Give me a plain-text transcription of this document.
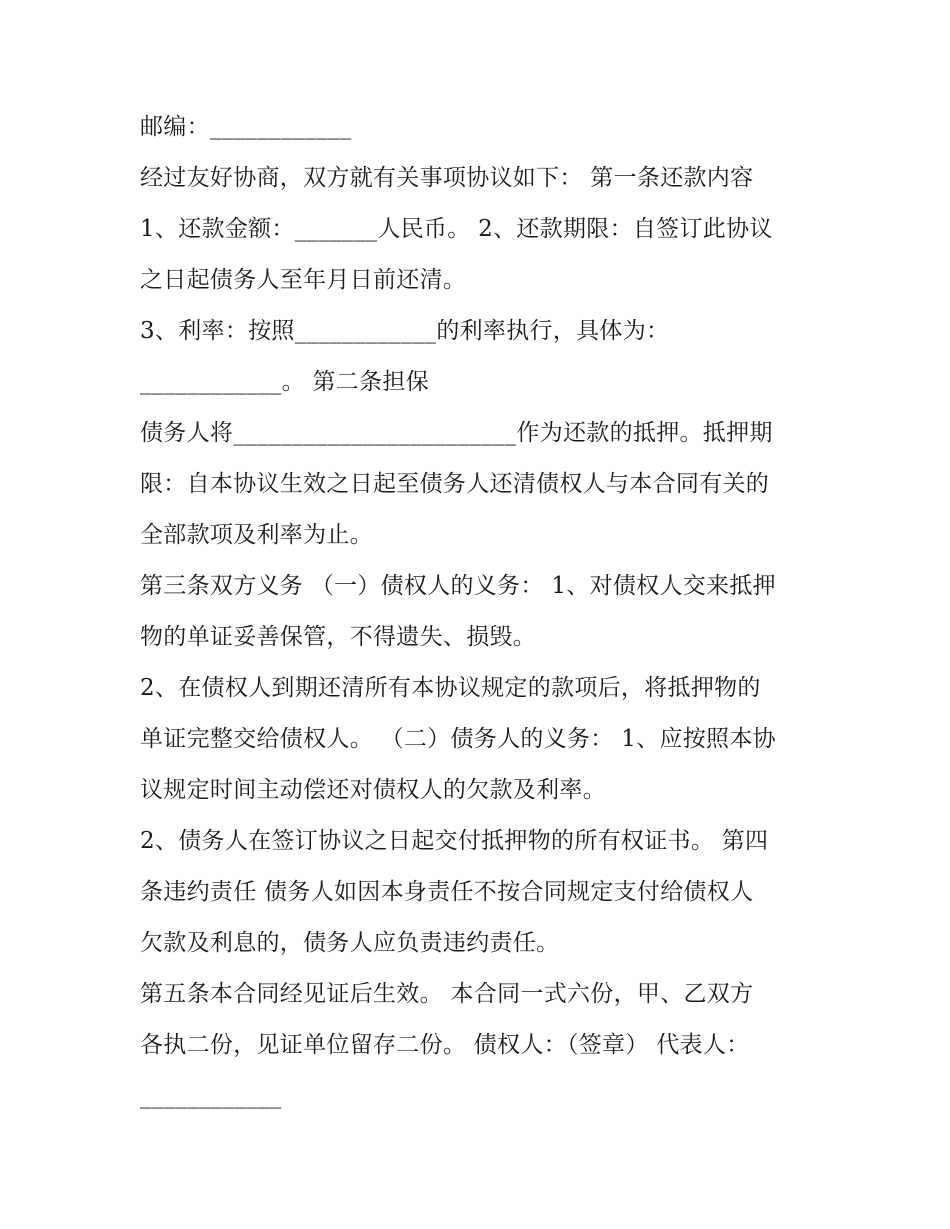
邮编：____________
经过友好协商，双方就有关事项协议如下： 第一条还款内容
1、还款金额：_______人民币。 2、还款期限：自签订此协议
之日起债务人至年月日前还清。
3、利率：按照____________的利率执行，具体为：
____________。 第二条担保
债务人将________________________作为还款的抵押。抵押期
限：自本协议生效之日起至债务人还清债权人与本合同有关的
全部款项及利率为止。
第三条双方义务 （一）债权人的义务： 1、对债权人交来抵押
物的单证妥善保管，不得遗失、损毁。
2、在债权人到期还清所有本协议规定的款项后，将抵押物的
单证完整交给债权人。 （二）债务人的义务： 1、应按照本协
议规定时间主动偿还对债权人的欠款及利率。
2、债务人在签订协议之日起交付抵押物的所有权证书。 第四
条违约责任 债务人如因本身责任不按合同规定支付给债权人
欠款及利息的，债务人应负责违约责任。
第五条本合同经见证后生效。 本合同一式六份，甲、乙双方
各执二份，见证单位留存二份。 债权人：（签章） 代表人：
____________
